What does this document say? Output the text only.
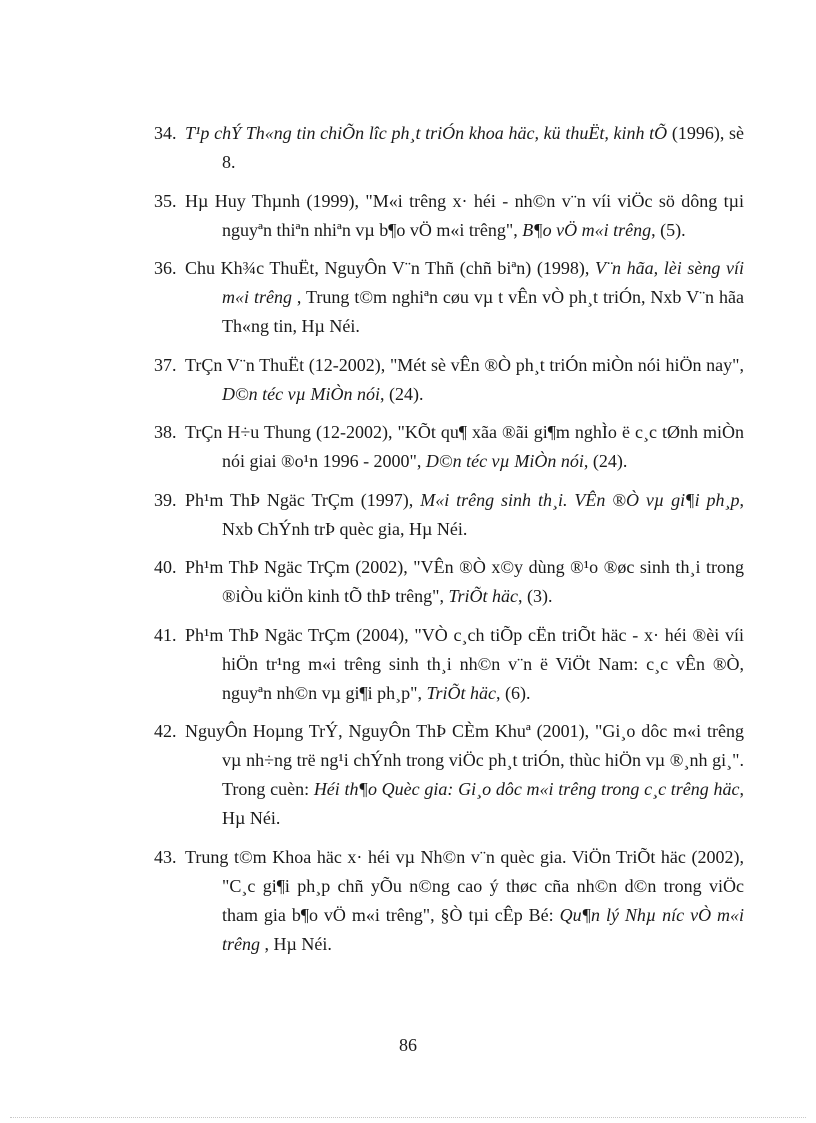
34. T¹p chÝ Th«ng tin chiÕn lîc ph¸t triÓn khoa häc, kü thuËt, kinh tÕ (1996), sè 8.
35. Hµ Huy Thµnh (1999), "M«i trêng x· héi - nh©n v¨n víi viÖc sö dông tµi nguyªn thiªn nhiªn vµ b¶o vÖ m«i trêng", B¶o vÖ m«i trêng, (5).
36. Chu Kh¾c ThuËt, NguyÔn V¨n Thñ (chñ biªn) (1998), V¨n hãa, lèi sèng víi m«i trêng , Trung t©m nghiªn cøu vµ t vÊn vÒ ph¸t triÓn, Nxb V¨n hãa Th«ng tin, Hµ Néi.
37. TrÇn V¨n ThuËt (12-2002), "Mét sè vÊn ®Ò ph¸t triÓn miÒn nói hiÖn nay", D©n téc vµ MiÒn nói, (24).
38. TrÇn H÷u Thung (12-2002), "KÕt qu¶ xãa ®ãi gi¶m nghÌo ë c¸c tØnh miÒn nói giai ®o¹n 1996 - 2000", D©n téc vµ MiÒn nói, (24).
39. Ph¹m ThÞ Ngäc TrÇm (1997), M«i trêng sinh th¸i. VÊn ®Ò vµ gi¶i ph¸p, Nxb ChÝnh trÞ quèc gia, Hµ Néi.
40. Ph¹m ThÞ Ngäc TrÇm (2002), "VÊn ®Ò x©y dùng ®¹o ®øc sinh th¸i trong ®iÒu kiÖn kinh tÕ thÞ trêng", TriÕt häc, (3).
41. Ph¹m ThÞ Ngäc TrÇm (2004), "VÒ c¸ch tiÕp cËn triÕt häc - x· héi ®èi víi hiÖn tr¹ng m«i trêng sinh th¸i nh©n v¨n ë ViÖt Nam: c¸c vÊn ®Ò, nguyªn nh©n vµ gi¶i ph¸p", TriÕt häc, (6).
42. NguyÔn Hoµng TrÝ, NguyÔn ThÞ CÈm Khuª (2001), "Gi¸o dôc m«i trêng vµ nh÷ng trë ng¹i chÝnh trong viÖc ph¸t triÓn, thùc hiÖn vµ ®¸nh gi¸". Trong cuèn: Héi th¶o Quèc gia: Gi¸o dôc m«i trêng trong c¸c trêng häc, Hµ Néi.
43. Trung t©m Khoa häc x· héi vµ Nh©n v¨n quèc gia. ViÖn TriÕt häc (2002), "C¸c gi¶i ph¸p chñ yÕu n©ng cao ý thøc cña nh©n d©n trong viÖc tham gia b¶o vÖ m«i trêng", §Ò tµi cÊp Bé: Qu¶n lý Nhµ níc vÒ m«i trêng , Hµ Néi.
86
